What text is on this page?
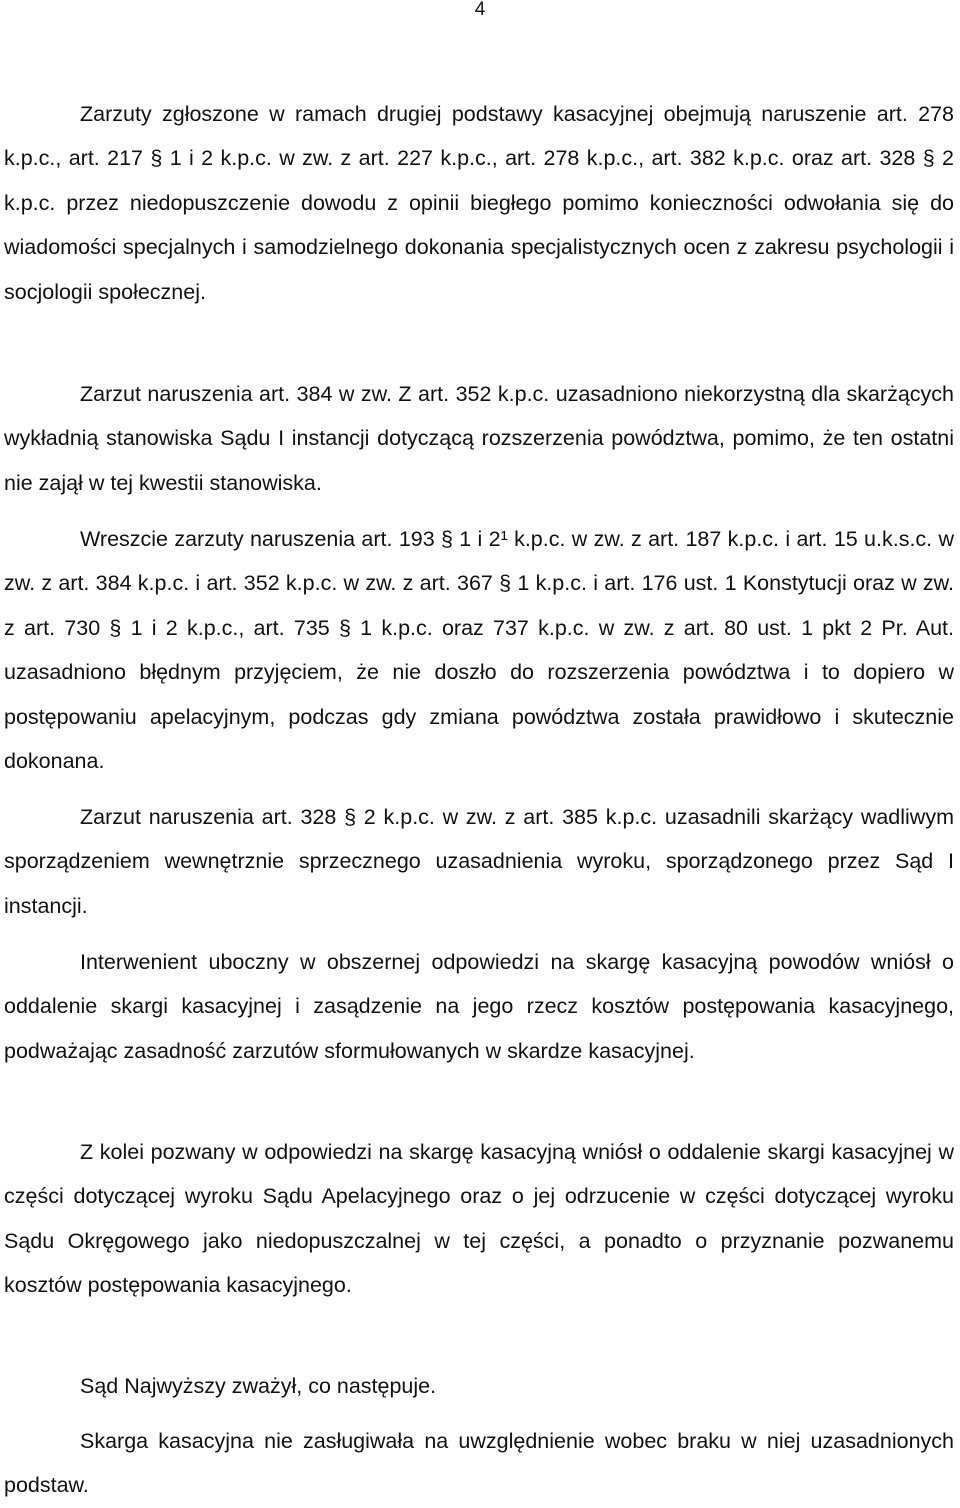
4

Zarzuty zgłoszone w ramach drugiej podstawy kasacyjnej obejmują naruszenie art. 278 k.p.c., art. 217 § 1 i 2 k.p.c. w zw. z art. 227 k.p.c., art. 278 k.p.c., art. 382 k.p.c. oraz art. 328 § 2 k.p.c. przez niedopuszczenie dowodu z opinii biegłego pomimo konieczności odwołania się do wiadomości specjalnych i samodzielnego dokonania specjalistycznych ocen z zakresu psychologii i socjologii społecznej.

Zarzut naruszenia art. 384 w zw. Z art. 352 k.p.c. uzasadniono niekorzystną dla skarżących wykładnią stanowiska Sądu I instancji dotyczącą rozszerzenia powództwa, pomimo, że ten ostatni nie zajął w tej kwestii stanowiska.

Wreszcie zarzuty naruszenia art. 193 § 1 i 2¹ k.p.c. w zw. z art. 187 k.p.c. i art. 15 u.k.s.c. w zw. z art. 384 k.p.c. i art. 352 k.p.c. w zw. z art. 367 § 1 k.p.c. i art. 176 ust. 1 Konstytucji oraz w zw. z art. 730 § 1 i 2 k.p.c., art. 735 § 1 k.p.c. oraz 737 k.p.c. w zw. z art. 80 ust. 1 pkt 2 Pr. Aut. uzasadniono błędnym przyjęciem, że nie doszło do rozszerzenia powództwa i to dopiero w postępowaniu apelacyjnym, podczas gdy zmiana powództwa została prawidłowo i skutecznie dokonana.

Zarzut naruszenia art. 328 § 2 k.p.c. w zw. z art. 385 k.p.c. uzasadnili skarżący wadliwym sporządzeniem wewnętrznie sprzecznego uzasadnienia wyroku, sporządzonego przez Sąd I instancji.

Interwenient uboczny w obszernej odpowiedzi na skargę kasacyjną powodów wniósł o oddalenie skargi kasacyjnej i zasądzenie na jego rzecz kosztów postępowania kasacyjnego, podważając zasadność zarzutów sformułowanych w skardze kasacyjnej.

Z kolei pozwany w odpowiedzi na skargę kasacyjną wniósł o oddalenie skargi kasacyjnej w części dotyczącej wyroku Sądu Apelacyjnego oraz o jej odrzucenie w części dotyczącej wyroku Sądu Okręgowego jako niedopuszczalnej w tej części, a ponadto o przyznanie pozwanemu kosztów postępowania kasacyjnego.

Sąd Najwyższy zważył, co następuje.

Skarga kasacyjna nie zasługiwała na uwzględnienie wobec braku w niej uzasadnionych podstaw.
